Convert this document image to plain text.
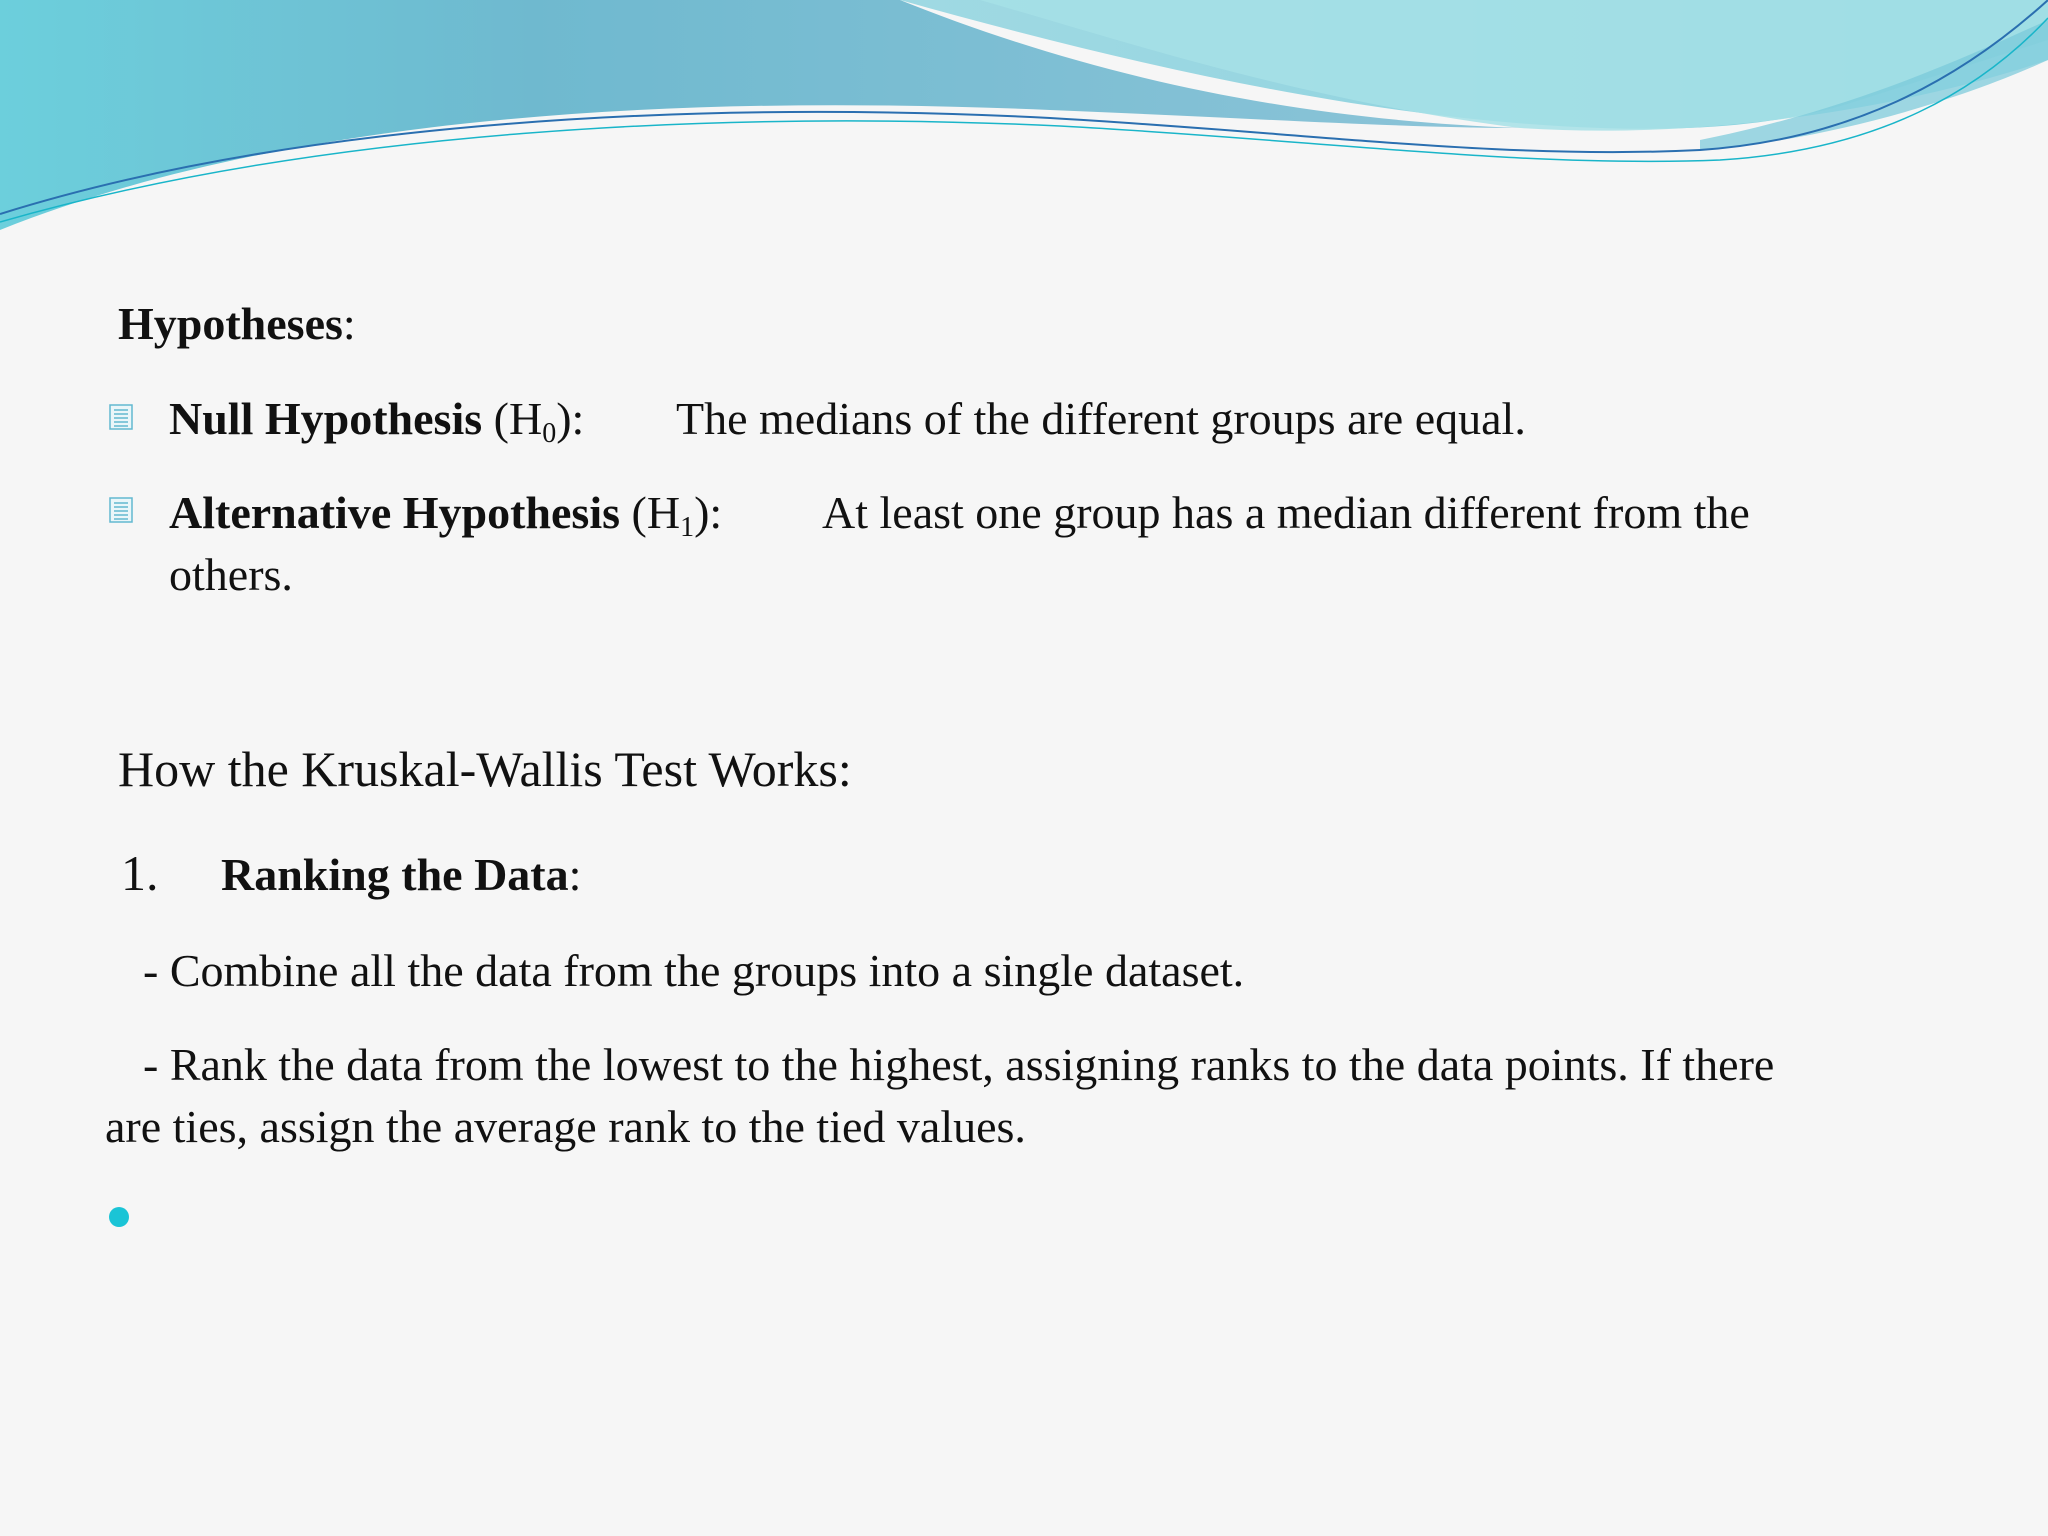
Hypotheses:

Null Hypothesis $(H_0)$: The medians of the different groups are equal.

Alternative Hypothesis $(H_1)$: At least one group has a median different from the

others.

How the Kruskal-Wallis Test Works:

1. Ranking the Data:

- Combine all the data from the groups into a single dataset.

- Rank the data from the lowest to the highest, assigning ranks to the data points. If there

are ties, assign the average rank to the tied values.
